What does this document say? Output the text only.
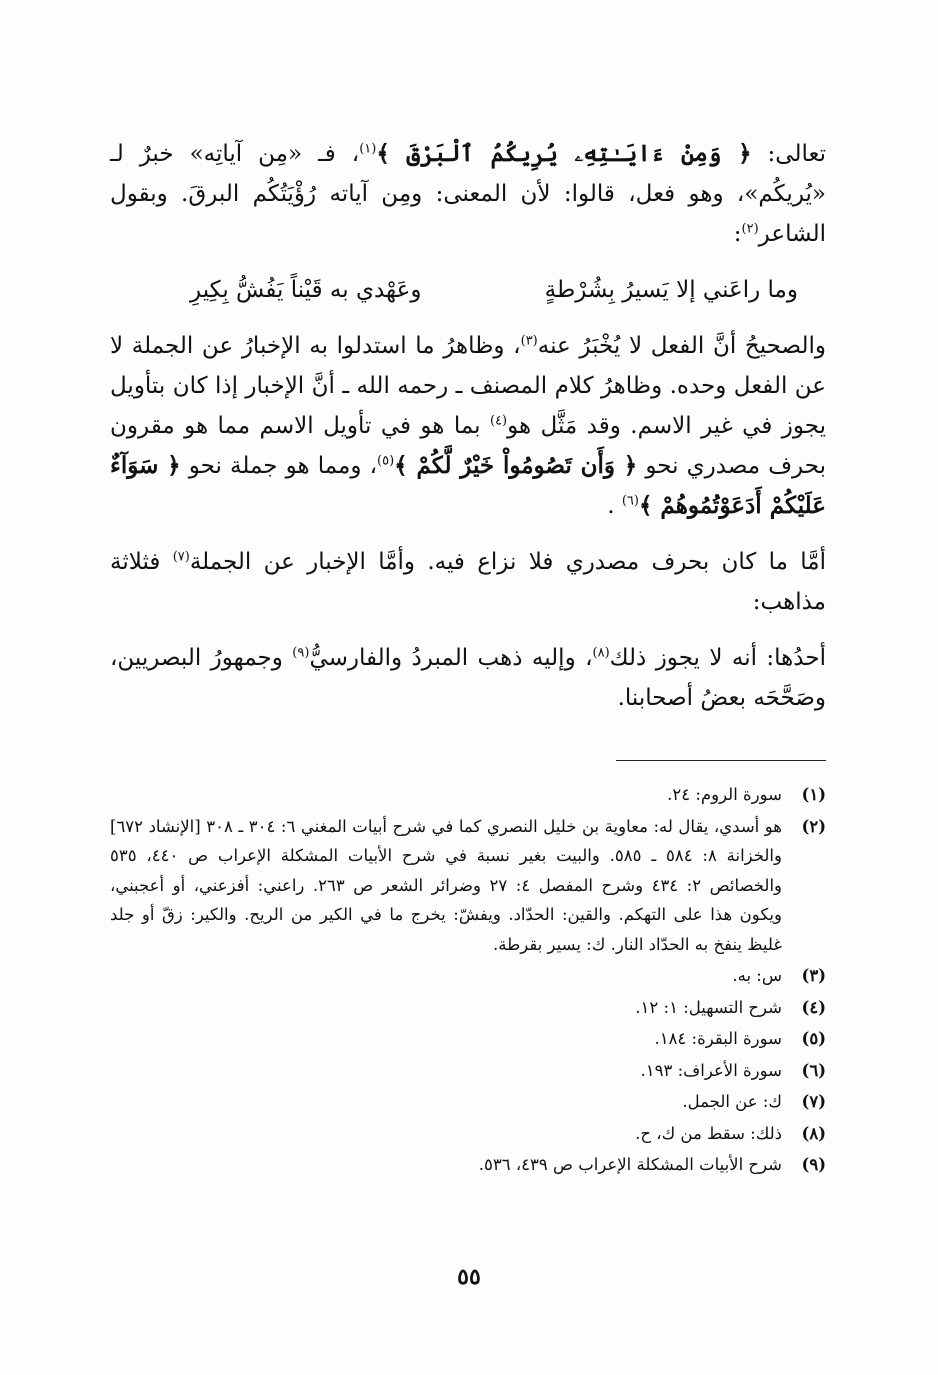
تعالى: ﴿ وَمِنْ ءَايَـٰتِهِۦ يُرِيكُمُ ٱلْبَرْقَ ﴾$^{(١)}$، فـ «مِن آياتِه» خبرٌ لـ «يُريكُم»، وهو فعل، قالوا: لأن المعنى: ومِن آياته رُؤْيَتُكُم البرقَ. وبقول الشاعر$^{(٢)}$:

وما راعَني إلا يَسيرُ بِشُرْطةٍ
وعَهْدي به قَيْناً يَفُشُّ بِكِيرِ

والصحيحُ أنَّ الفعل لا يُخْبَرُ عنه$^{(٣)}$، وظاهرُ ما استدلوا به الإخبارُ عن الجملة لا عن الفعل وحده. وظاهرُ كلام المصنف ـ رحمه الله ـ أنَّ الإخبار إذا كان بتأويل يجوز في غير الاسم. وقد مَثَّل هو$^{(٤)}$ بما هو في تأويل الاسم مما هو مقرون بحرف مصدري نحو ﴿ وَأَن تَصُومُواْ خَيْرٌ لَّكُمْ ﴾$^{(٥)}$، ومما هو جملة نحو ﴿ سَوَآءٌ عَلَيْكُمْ أَدَعَوْتُمُوهُمْ ﴾$^{(٦)}$ .

أمَّا ما كان بحرف مصدري فلا نزاع فيه. وأمَّا الإخبار عن الجملة$^{(٧)}$ فثلاثة مذاهب:

أحدُها: أنه لا يجوز ذلك$^{(٨)}$، وإليه ذهب المبردُ والفارسيُّ$^{(٩)}$ وجمهورُ البصريين، وصَحَّحَه بعضُ أصحابنا.

(١)
سورة الروم: ٢٤.
(٢)
هو أسدي، يقال له: معاوية بن خليل النصري كما في شرح أبيات المغني ٦: ٣٠٤ ـ ٣٠٨ [الإنشاد ٦٧٢] والخزانة ٨: ٥٨٤ ـ ٥٨٥. والبيت بغير نسبة في شرح الأبيات المشكلة الإعراب ص ٤٤٠، ٥٣٥ والخصائص ٢: ٤٣٤ وشرح المفصل ٤: ٢٧ وضرائر الشعر ص ٢٦٣. راعني: أفزعني، أو أعجبني، ويكون هذا على التهكم. والقين: الحدّاد. ويفشّ: يخرج ما في الكير من الريح. والكير: زقّ أو جلد غليظ ينفخ به الحدّاد النار. ك: يسير بقرطة.
(٣)
س: به.
(٤)
شرح التسهيل: ١: ١٢.
(٥)
سورة البقرة: ١٨٤.
(٦)
سورة الأعراف: ١٩٣.
(٧)
ك: عن الجمل.
(٨)
ذلك: سقط من ك، ح.
(٩)
شرح الأبيات المشكلة الإعراب ص ٤٣٩، ٥٣٦.
٥٥
